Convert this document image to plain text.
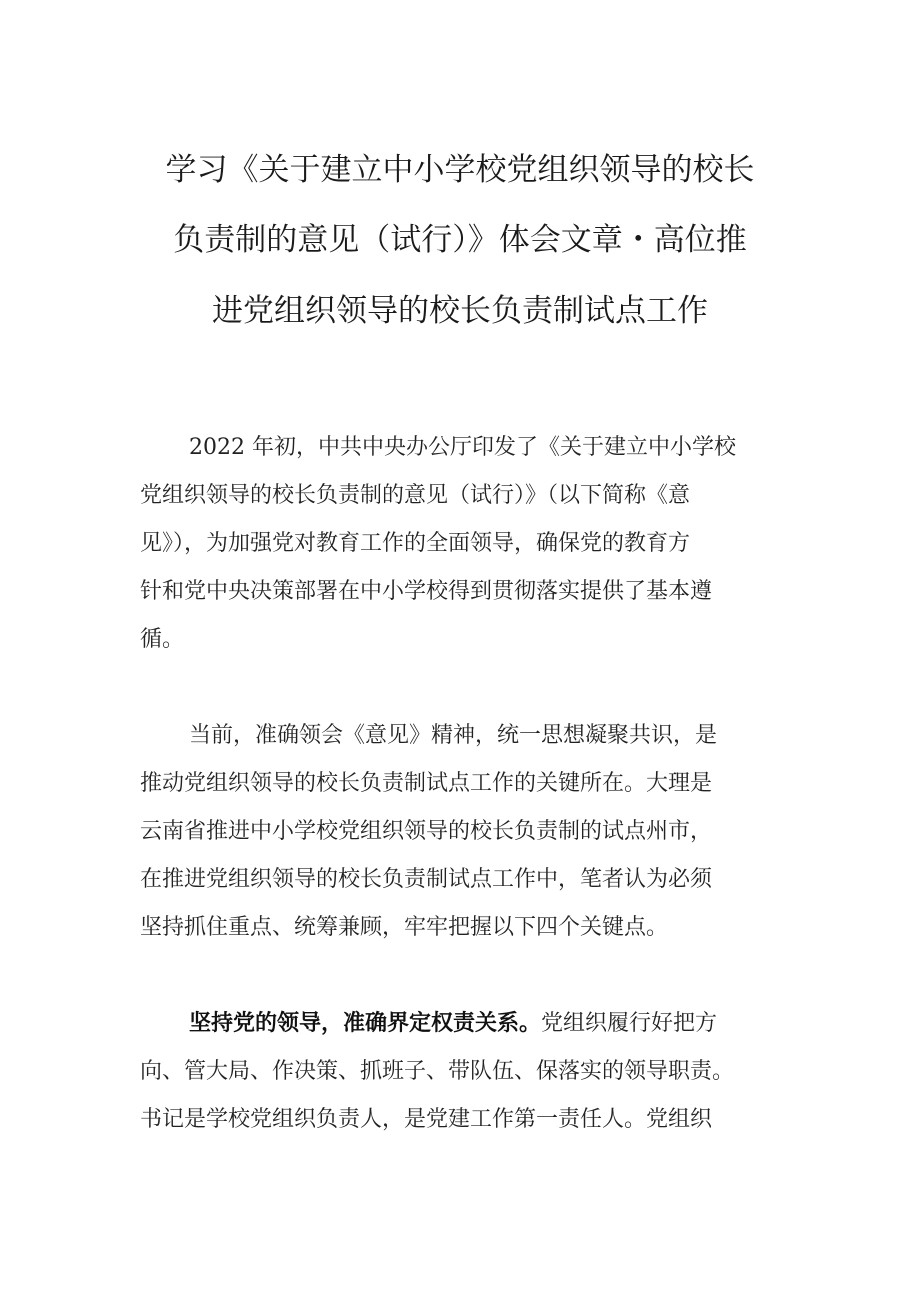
学习《关于建立中小学校党组织领导的校长
负责制的意见（试行）》体会文章・高位推
进党组织领导的校长负责制试点工作
2022 年初，中共中央办公厅印发了《关于建立中小学校
党组织领导的校长负责制的意见（试行）》（以下简称《意
见》），为加强党对教育工作的全面领导，确保党的教育方
针和党中央决策部署在中小学校得到贯彻落实提供了基本遵
循。
当前，准确领会《意见》精神，统一思想凝聚共识，是
推动党组织领导的校长负责制试点工作的关键所在。大理是
云南省推进中小学校党组织领导的校长负责制的试点州市，
在推进党组织领导的校长负责制试点工作中，笔者认为必须
坚持抓住重点、统筹兼顾，牢牢把握以下四个关键点。
坚持党的领导，准确界定权责关系。党组织履行好把方
向、管大局、作决策、抓班子、带队伍、保落实的领导职责。
书记是学校党组织负责人，是党建工作第一责任人。党组织
